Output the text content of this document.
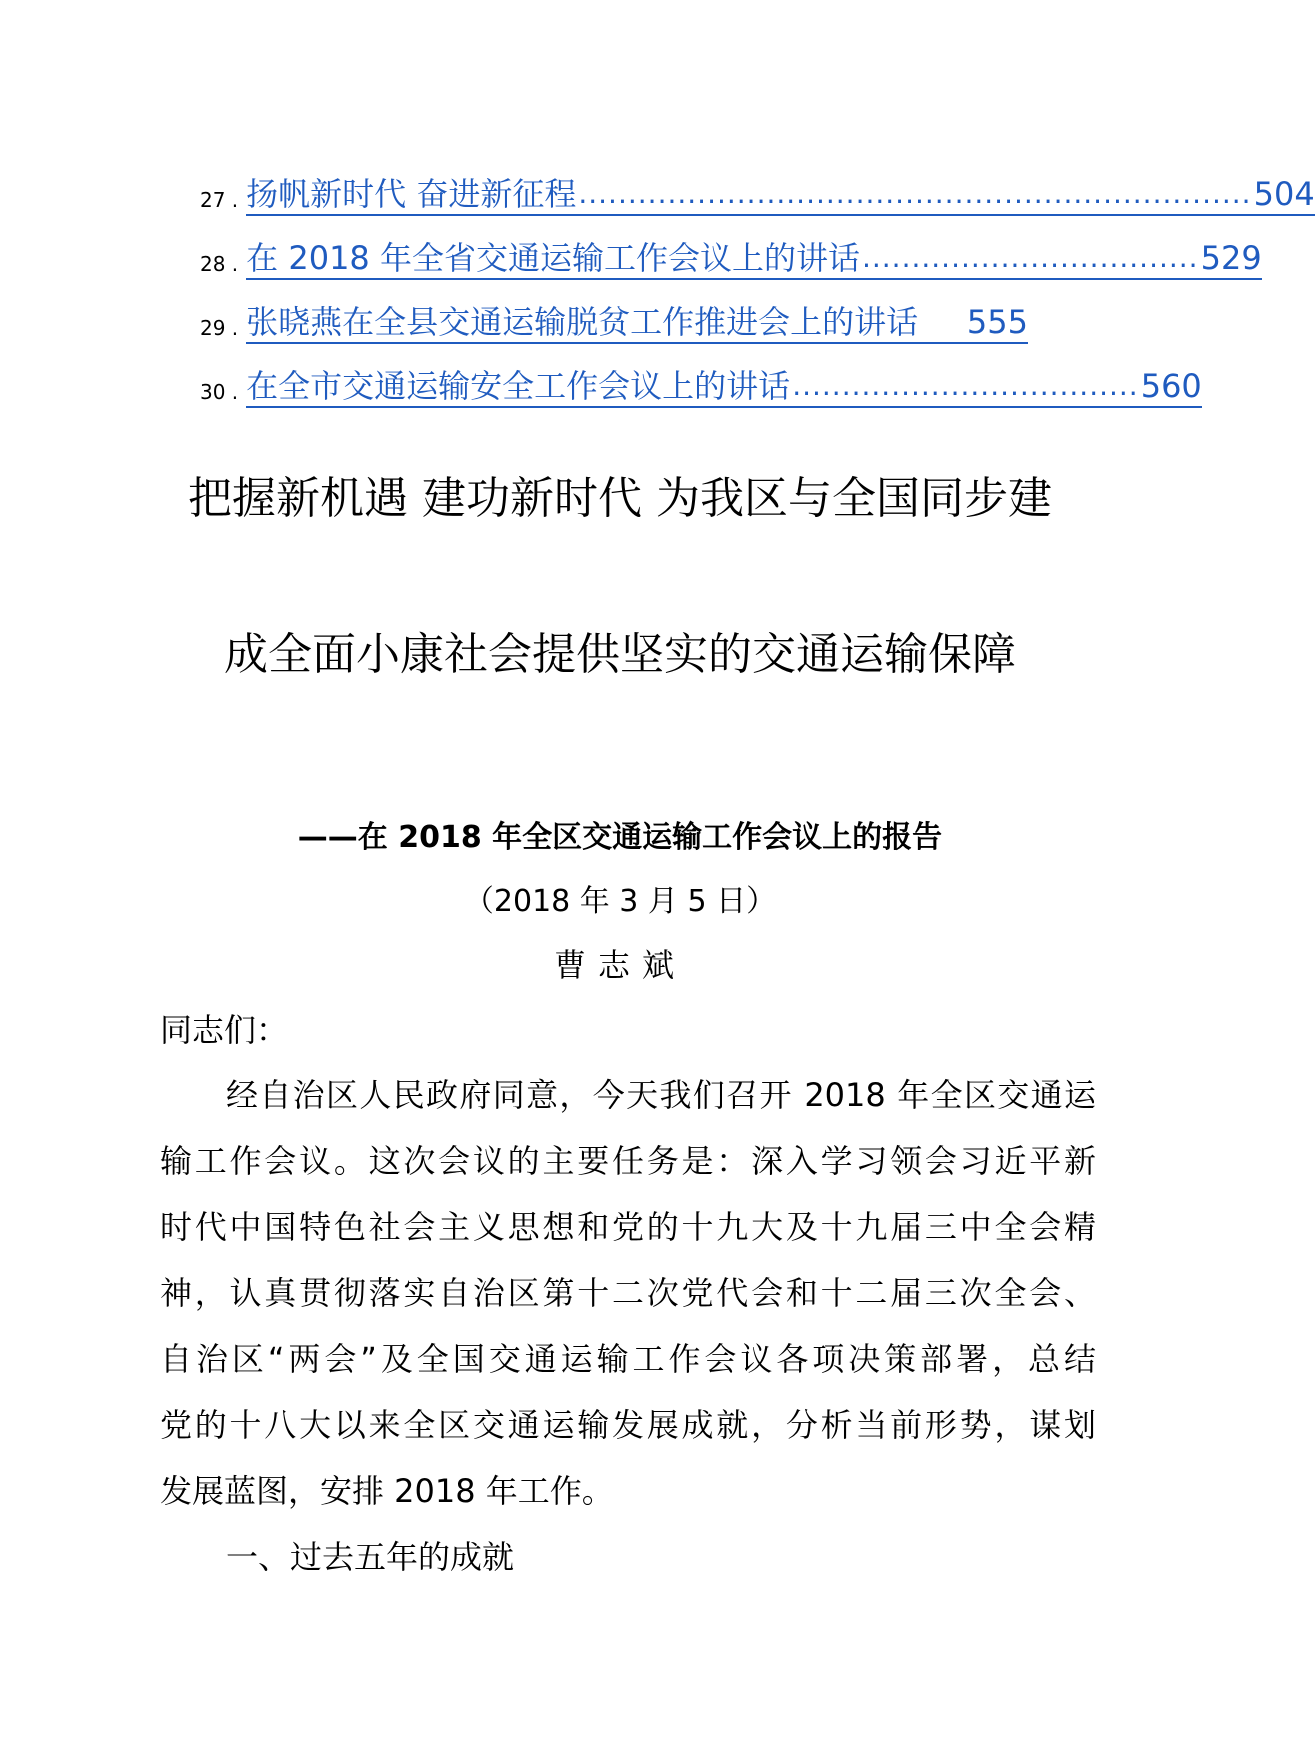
27 . 扬帆新时代 奋进新征程 .................................................................... 504
28 . 在 2018 年全省交通运输工作会议上的讲话 .................................. 529
29 . 张晓燕在全县交通运输脱贫工作推进会上的讲话 555
30 . 在全市交通运输安全工作会议上的讲话 ................................... 560
把握新机遇 建功新时代 为我区与全国同步建
成全面小康社会提供坚实的交通运输保障
——在 2018 年全区交通运输工作会议上的报告
（2018 年 3 月 5 日）
曹志斌
同志们：
经自治区人民政府同意，今天我们召开 2018 年全区交通运
输工作会议。这次会议的主要任务是：深入学习领会习近平新
时代中国特色社会主义思想和党的十九大及十九届三中全会精
神，认真贯彻落实自治区第十二次党代会和十二届三次全会、
自治区“两会”及全国交通运输工作会议各项决策部署，总结
党的十八大以来全区交通运输发展成就，分析当前形势，谋划
发展蓝图，安排 2018 年工作。
一、过去五年的成就
